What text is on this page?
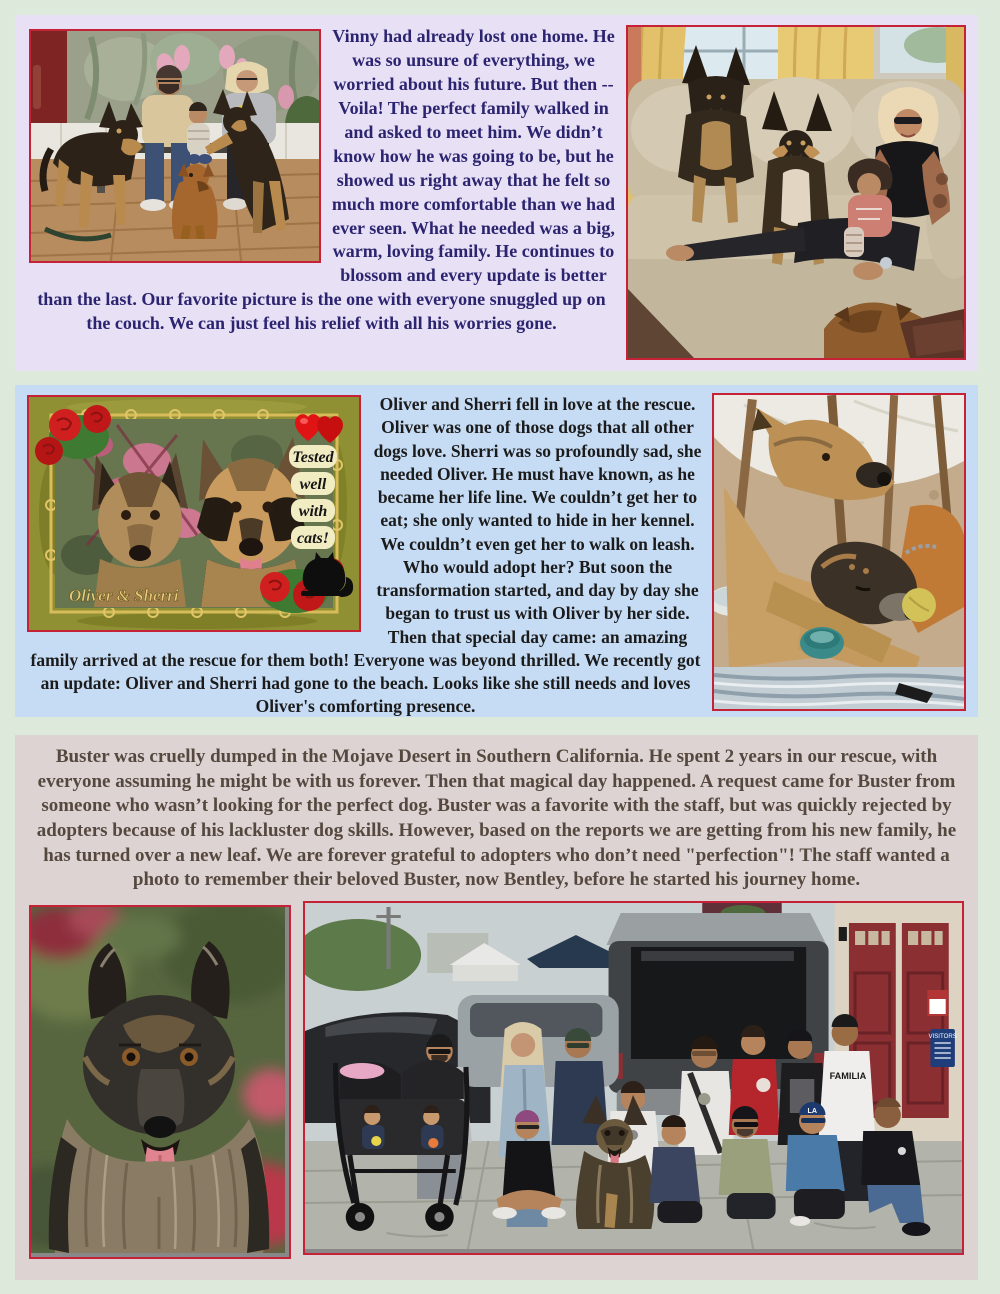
Vinny had already lost one home. He was so unsure of everything, we worried about his future. But then -- Voila! The perfect family walked in and asked to meet him. We didn’t know how he was going to be, but he showed us right away that he felt so much more comfortable than we had ever seen. What he needed was a big, warm, loving family. He continues to blossom and every update is better than the last. Our favorite picture is the one with everyone snuggled up on the couch. We can just feel his relief with all his worries gone.

Tested
well
with
cats!
Oliver & Sherri

Oliver and Sherri fell in love at the rescue. Oliver was one of those dogs that all other dogs love. Sherri was so profoundly sad, she needed Oliver. He must have known, as he became her life line. We couldn’t get her to eat; she only wanted to hide in her kennel. We couldn’t even get her to walk on leash. Who would adopt her? But soon the transformation started, and day by day she began to trust us with Oliver by her side. Then that special day came: an amazing family arrived at the rescue for them both! Everyone was beyond thrilled. We recently got an update: Oliver and Sherri had gone to the beach. Looks like she still needs and loves Oliver's comforting presence.

Buster was cruelly dumped in the Mojave Desert in Southern California. He spent 2 years in our rescue, with everyone assuming he might be with us forever. Then that magical day happened. A request came for Buster from someone who wasn’t looking for the perfect dog. Buster was a favorite with the staff, but was quickly rejected by adopters because of his lackluster dog skills. However, based on the reports we are getting from his new family, he has turned over a new leaf. We are forever grateful to adopters who don’t need "perfection"! The staff wanted a photo to remember their beloved Buster, now Bentley, before he started his journey home.

VISITORS
FAMILIA
LA
